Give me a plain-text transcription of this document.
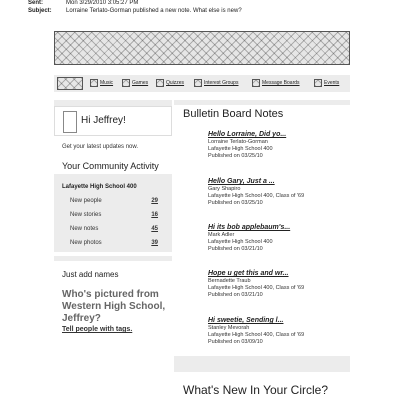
Sent:	Mon 3/29/2010 3:05:27 PM
Subject: Lorraine Terlato-Gorman published a new note. What else is new?
Music	Games	Quizzes	Interest Groups	Message Boards	Events
Hi Jeffrey!
Get your latest updates now.
Your Community Activity
Lafayette High School 400
New people	29
New stories	16
New notes	45
New photos	39
Just add names
Who's pictured from Western High School, Jeffrey?
Tell people with tags.
Bulletin Board Notes
Hello Lorraine, Did yo...
Lorraine Terlato-Gorman
Lafayette High School 400
Published on 03/25/10
Hello Gary, Just a ...
Gary Shapiro
Lafayette High School 400, Class of '69
Published on 03/25/10
Hi its bob applebaum's...
Mark Adler
Lafayette High School 400
Published on 03/21/10
Hope u get this and wr...
Bernadette Traub
Lafayette High School 400, Class of '69
Published on 03/21/10
Hi sweetie, Sending l...
Stanley Mevorah
Lafayette High School 400, Class of '69
Published on 03/09/10
What's New In Your Circle?
